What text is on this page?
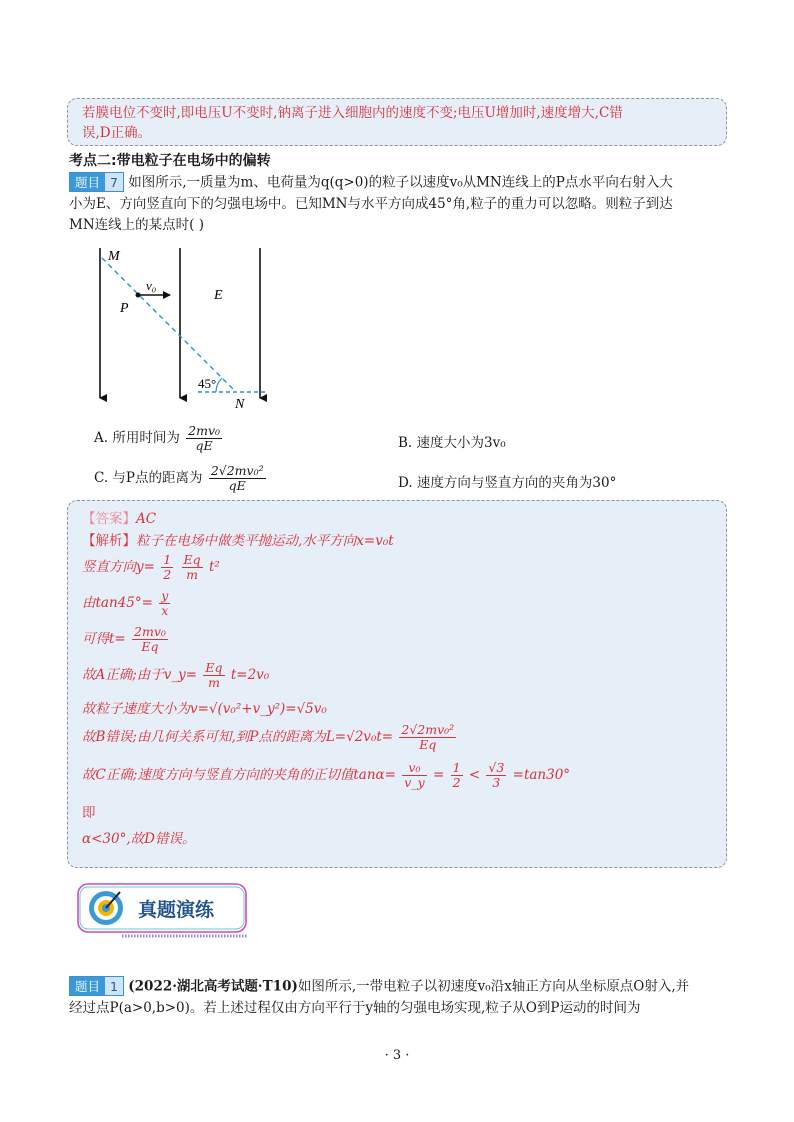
若膜电位不变时,即电压U不变时,钠离子进入细胞内的速度不变;电压U增加时,速度增大,C错
误,D正确。
考点二:带电粒子在电场中的偏转
题目 7 如图所示,一质量为m、电荷量为q(q>0)的粒子以速度v₀从MN连线上的P点水平向右射入大
小为E、方向竖直向下的匀强电场中。已知MN与水平方向成45°角,粒子的重力可以忽略。则粒子到达
MN连线上的某点时( )
M
P
v₀
E
45°
N
A. 所用时间为 $\frac{\text{2mv₀}}{qE}$	B. 速度大小为3v₀
C. 与P点的距离为 $\frac{\text{2√2mv₀²}}{qE}$	D. 速度方向与竖直方向的夹角为30°
【答案】AC
【解析】粒子在电场中做类平抛运动,水平方向x=v₀t
竖直方向$y= \frac{1}{2}$
$\frac{Eq}{m} t^2$
由$\tan 45^\circ= \frac{y}{x}$
可得$t= \frac{\text{2mv₀}}{Eq}$
故A正确;由于v_y= $\frac{Eq}{m} t=2v_0$
故粒子速度大小为v=√(v₀²+v_y²)=√5v₀
故B错误;由几何关系可知,到P点的距离为$L=√2v_0t= \frac{\text{2√2mv₀²}}{Eq}$
故C正确;速度方向与竖直方向的夹角的正切值$\tan\alpha= \frac{\text{v₀}}{v\_y} = \frac{1}{2} < \frac{√3}{3} =\tan 30^\circ$
即
α<30°,故D错误。
真题演练
题目 1 (2022·湖北高考试题·T10)如图所示,一带电粒子以初速度v₀沿x轴正方向从坐标原点O射入,并
经过点P(a>0,b>0)。若上述过程仅由方向平行于y轴的匀强电场实现,粒子从O到P运动的时间为
· 3 ·
